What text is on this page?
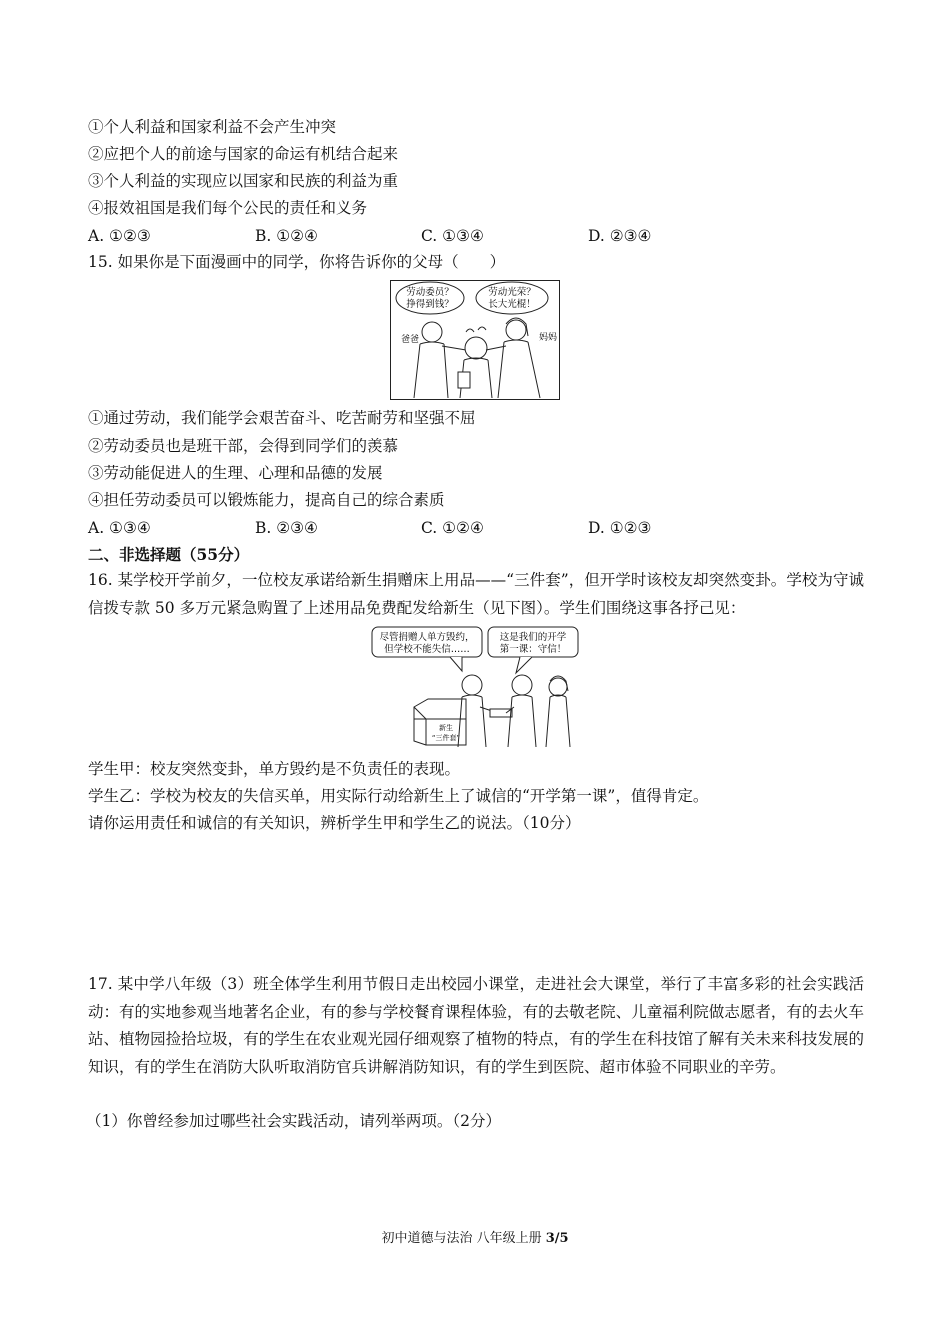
①个人利益和国家利益不会产生冲突
②应把个人的前途与国家的命运有机结合起来
③个人利益的实现应以国家和民族的利益为重
④报效祖国是我们每个公民的责任和义务
A. ①②③	B. ①②④	C. ①③④	D. ②③④
15. 如果你是下面漫画中的同学，你将告诉你的父母（　　）
劳动委员？
挣得到钱？
劳动光荣？
长大光棍！
爸爸	妈妈
①通过劳动，我们能学会艰苦奋斗、吃苦耐劳和坚强不屈
②劳动委员也是班干部，会得到同学们的羡慕
③劳动能促进人的生理、心理和品德的发展
④担任劳动委员可以锻炼能力，提高自己的综合素质
A. ①③④	B. ②③④	C. ①②④	D. ①②③
二、非选择题（55分）
16. 某学校开学前夕，一位校友承诺给新生捐赠床上用品——“三件套”，但开学时该校友却突然变卦。学校为守诚信拨专款 50 多万元紧急购置了上述用品免费配发给新生（见下图）。学生们围绕这事各抒己见：
尽管捐赠人单方毁约，
但学校不能失信……
这是我们的开学
第一课：守信！
新生
“三件套”
学生甲：校友突然变卦，单方毁约是不负责任的表现。
学生乙：学校为校友的失信买单，用实际行动给新生上了诚信的“开学第一课”，值得肯定。
请你运用责任和诚信的有关知识，辨析学生甲和学生乙的说法。（10分）
17. 某中学八年级（3）班全体学生利用节假日走出校园小课堂，走进社会大课堂，举行了丰富多彩的社会实践活动：有的实地参观当地著名企业，有的参与学校餐育课程体验，有的去敬老院、儿童福利院做志愿者，有的去火车站、植物园捡拾垃圾，有的学生在农业观光园仔细观察了植物的特点，有的学生在科技馆了解有关未来科技发展的知识，有的学生在消防大队听取消防官兵讲解消防知识，有的学生到医院、超市体验不同职业的辛劳。
（1）你曾经参加过哪些社会实践活动，请列举两项。（2分）
初中道德与法治 八年级上册 3/5
